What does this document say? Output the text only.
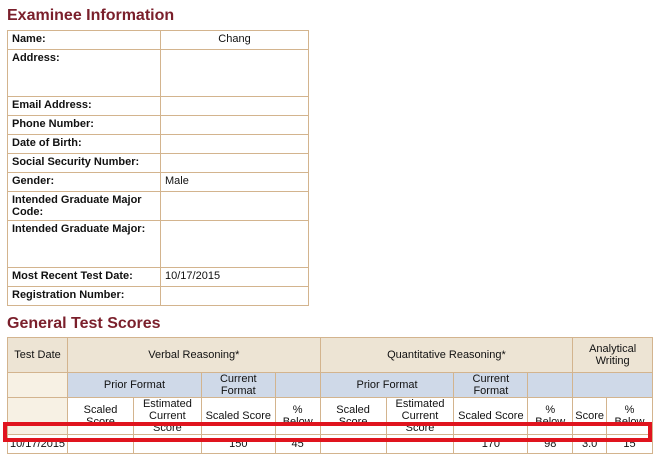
Examinee Information
Name:	Chang
Address:	
Email Address:	
Phone Number:	
Date of Birth:	
Social Security Number:	
Gender:	Male
Intended Graduate Major Code:	
Intended Graduate Major:	
Most Recent Test Date:	10/17/2015
Registration Number:	
General Test Scores
Test Date	Verbal Reasoning*				Quantitative Reasoning*				Analytical Writing	
	Prior Format		Current Format		Prior Format		Current Format			
	Scaled Score	Estimated Current Score	Scaled Score	% Below	Scaled Score	Estimated Current Score	Scaled Score	% Below	Score	% Below
10/17/2015			150	45			170	98	3.0	15
